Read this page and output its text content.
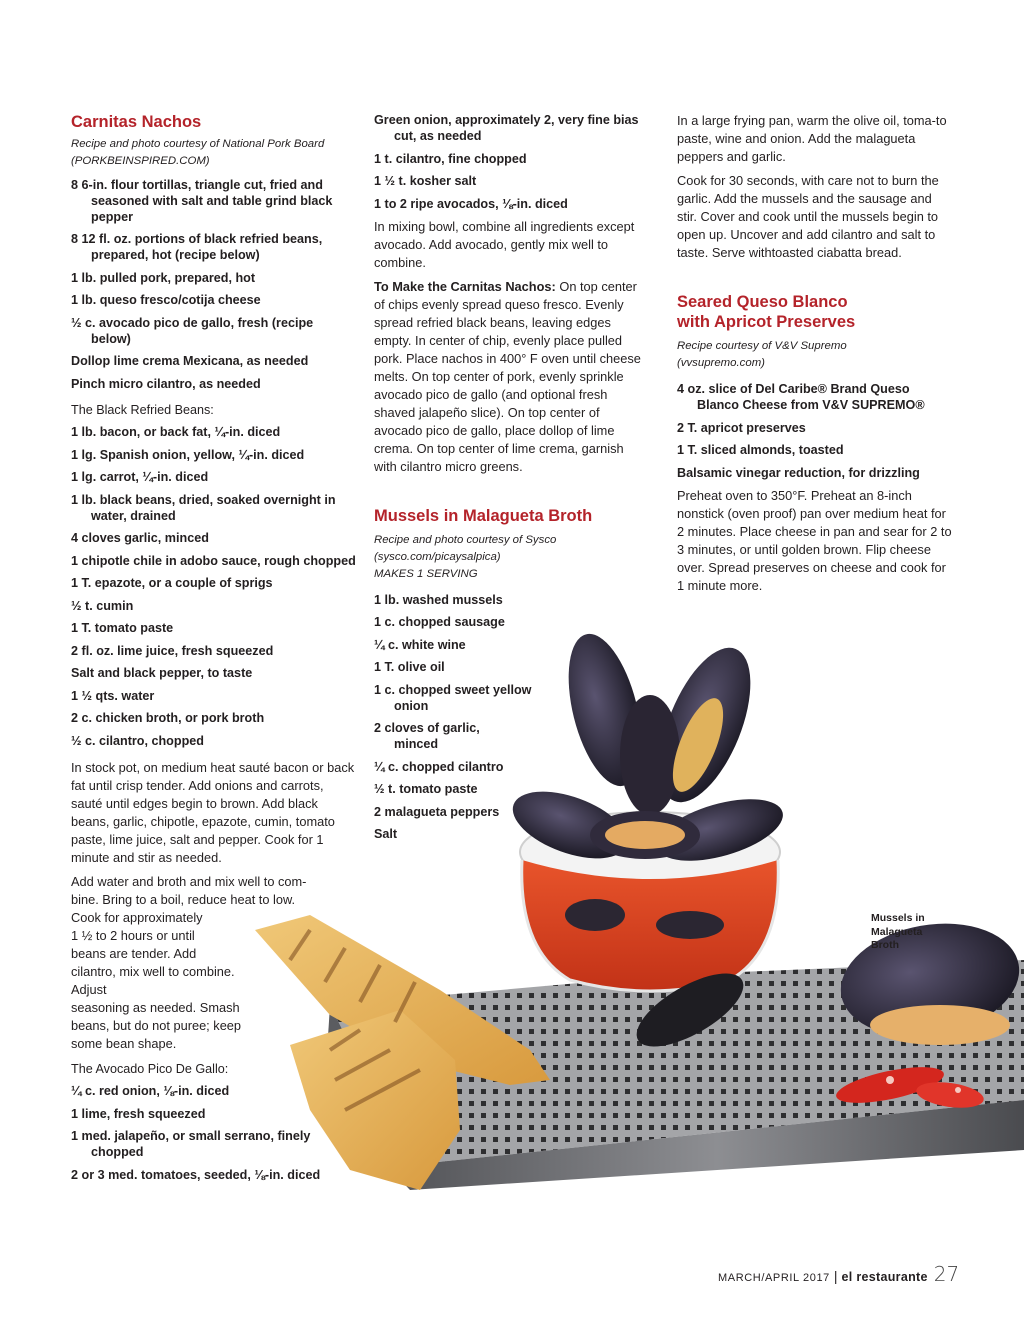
Carnitas Nachos
Recipe and photo courtesy of National Pork Board
(PORKBEINSPIRED.COM)
8 6-in. flour tortillas, triangle cut, fried and seasoned with salt and table grind black pepper
8 12 fl. oz. portions of black refried beans, prepared, hot (recipe below)
1 lb. pulled pork, prepared, hot
1 lb. queso fresco/cotija cheese
½ c. avocado pico de gallo, fresh (recipe below)
Dollop lime crema Mexicana, as needed
Pinch micro cilantro, as needed
The Black Refried Beans:
1 lb. bacon, or back fat, ¼-in. diced
1 lg. Spanish onion, yellow, ¼-in. diced
1 lg. carrot, ¼-in. diced
1 lb. black beans, dried, soaked overnight in water, drained
4 cloves garlic, minced
1 chipotle chile in adobo sauce, rough chopped
1 T. epazote, or a couple of sprigs
½ t. cumin
1 T. tomato paste
2 fl. oz. lime juice, fresh squeezed
Salt and black pepper, to taste
1 ½ qts. water
2 c. chicken broth, or pork broth
½ c. cilantro, chopped
In stock pot, on medium heat sauté bacon or back fat until crisp tender. Add onions and carrots, sauté until edges begin to brown. Add black beans, garlic, chipotle, epazote, cumin, tomato paste, lime juice, salt and pepper. Cook for 1 minute and stir as needed.
Add water and broth and mix well to com-
bine. Bring to a boil, reduce heat to low.
Cook for approximately
1 ½ to 2 hours or until
beans are tender. Add
cilantro, mix well to combine.
Adjust
seasoning as needed. Smash
beans, but do not puree; keep
some bean shape.
The Avocado Pico De Gallo:
¼ c. red onion, ⅛-in. diced
1 lime, fresh squeezed
1 med. jalapeño, or small serrano, finely chopped
2 or 3 med. tomatoes, seeded, ⅛-in. diced
Green onion, approximately 2, very fine bias cut, as needed
1 t. cilantro, fine chopped
1 ½ t. kosher salt
1 to 2 ripe avocados, ⅛-in. diced
In mixing bowl, combine all ingredients except avocado. Add avocado, gently mix well to combine.
To Make the Carnitas Nachos: On top center of chips evenly spread queso fresco. Evenly spread refried black beans, leaving edges empty. In center of chip, evenly place pulled pork. Place nachos in 400° F oven until cheese melts. On top center of pork, evenly sprinkle avocado pico de gallo (and optional fresh shaved jalapeño slice). On top center of avocado pico de gallo, place dollop of lime crema. On top center of lime crema, garnish with cilantro micro greens.
Mussels in Malagueta Broth
Recipe and photo courtesy of Sysco
(sysco.com/picaysalpica)
MAKES 1 SERVING
1 lb. washed mussels
1 c. chopped sausage
¼ c. white wine
1 T. olive oil
1 c. chopped sweet yellow onion
2 cloves of garlic, minced
¼ c. chopped cilantro
½ t. tomato paste
2 malagueta peppers
Salt
In a large frying pan, warm the olive oil, toma-to paste, wine and onion. Add the malagueta peppers and garlic.
Cook for 30 seconds, with care not to burn the garlic. Add the mussels and the sausage and stir. Cover and cook until the mussels begin to open up. Uncover and add cilantro and salt to taste. Serve withtoasted ciabatta bread.
Seared Queso Blanco
with Apricot Preserves
Recipe courtesy of V&V Supremo
(vvsupremo.com)
4 oz. slice of Del Caribe® Brand Queso Blanco Cheese from V&V SUPREMO®
2 T. apricot preserves
1 T. sliced almonds, toasted
Balsamic vinegar reduction, for drizzling
Preheat oven to 350°F. Preheat an 8-inch nonstick (oven proof) pan over medium heat for 2 minutes. Place cheese in pan and sear for 2 to 3 minutes, or until golden brown. Flip cheese over. Spread preserves on cheese and cook for 1 minute more.
Mussels in Malagueta Broth
MARCH/APRIL 2017 | el restaurante 27
